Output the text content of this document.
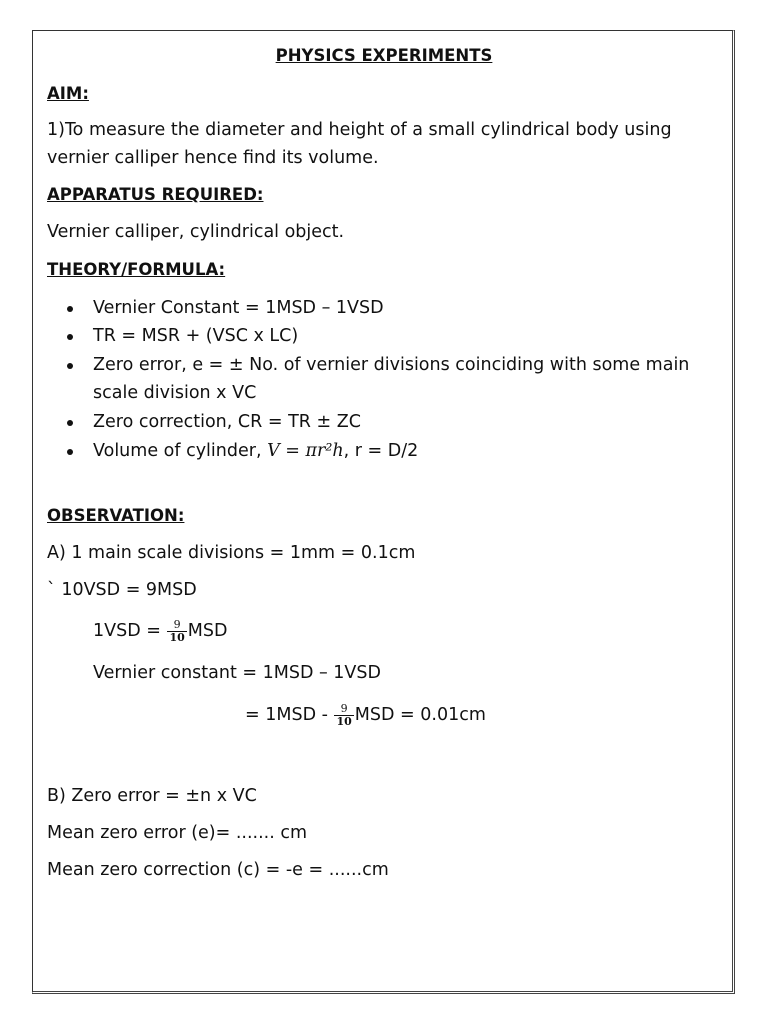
PHYSICS EXPERIMENTS
AIM:
1)To measure the diameter and height of a small cylindrical body using
vernier calliper hence find its volume.
APPARATUS REQUIRED:
Vernier calliper, cylindrical object.
THEORY/FORMULA:
Vernier Constant = 1MSD – 1VSD
TR = MSR + (VSC x LC)
Zero error, e = ± No. of vernier divisions coinciding with some main
scale division x VC
Zero correction, CR = TR ± ZC
Volume of cylinder, V = πr²h, r = D/2
OBSERVATION:
A) 1 main scale divisions = 1mm = 0.1cm
` 10VSD = 9MSD
$1VSD = \frac{9}{10}$ MSD
Vernier constant = 1MSD – 1VSD
= $1MSD - \frac{9}{10}$ MSD = 0.01cm
B) Zero error = ±n x VC
Mean zero error (e)= ....... cm
Mean zero correction (c) = -e = ......cm
